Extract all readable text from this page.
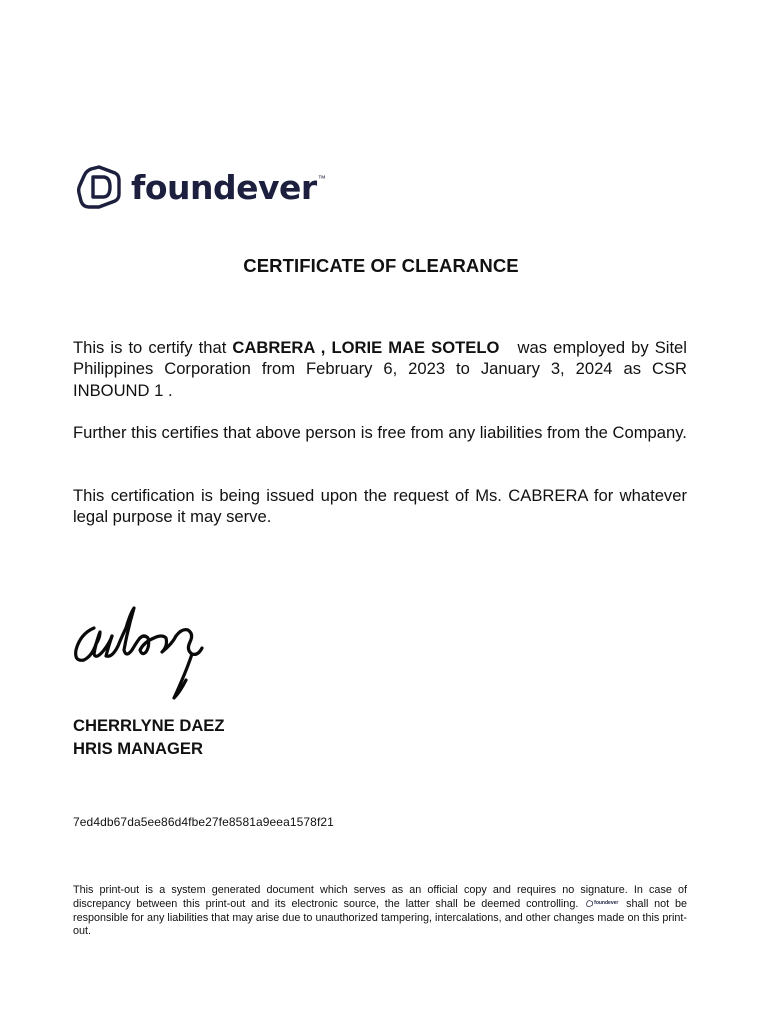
foundever ™
CERTIFICATE OF CLEARANCE
This is to certify that CABRERA , LORIE MAE SOTELO was employed by Sitel Philippines Corporation from February 6, 2023 to January 3, 2024 as CSR INBOUND 1 .
Further this certifies that above person is free from any liabilities from the Company.
This certification is being issued upon the request of Ms. CABRERA for whatever legal purpose it may serve.
CHERRLYNE DAEZ
HRIS MANAGER
7ed4db67da5ee86d4fbe27fe8581a9eea1578f21
This print-out is a system generated document which serves as an official copy and requires no signature. In case of discrepancy between this print-out and its electronic source, the latter shall be deemed controlling.	foundever shall not be responsible for any liabilities that may arise due to unauthorized tampering, intercalations, and other changes made on this print-out.
